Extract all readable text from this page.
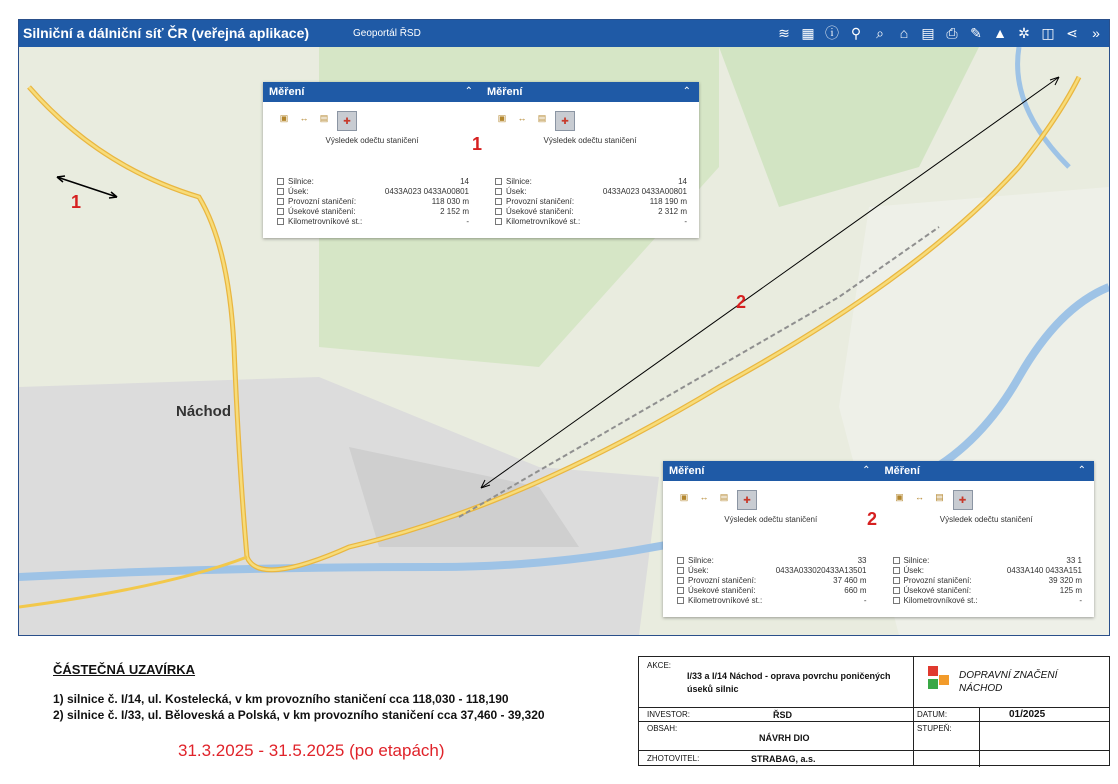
Silniční a dálniční síť ČR (veřejná aplikace)	Geoportál ŘSD	≋ ▦ ⓘ ⚲	⌕	⌂ ▤ ⎙ ✎ ▲ ✲ ◫ ⋖	»
Náchod
1
2
Měření	⌃ Měření	⌃
▣	↔	▤	✚
Výsledek odečtu staničení
Silnice:	14
Úsek:	0433A023 0433A00801
Provozní staničení:	118 030 m
Úsekové staničení:	2 152 m
Kilometrovníkové st.:	-
▣	↔	▤	✚
Výsledek odečtu staničení
Silnice:	14
Úsek:	0433A023 0433A00801
Provozní staničení:	118 190 m
Úsekové staničení:	2 312 m
Kilometrovníkové st.:	-
1
Měření	⌃ Měření	⌃
▣	↔	▤	✚
Výsledek odečtu staničení
Silnice:	33
Úsek:	0433A033020433A13501
Provozní staničení:	37 460 m
Úsekové staničení:	660 m
Kilometrovníkové st.:	-
▣	↔	▤	✚
Výsledek odečtu staničení
Silnice:	33 1
Úsek:	0433A140 0433A151
Provozní staničení:	39 320 m
Úsekové staničení:	125 m
Kilometrovníkové st.:	-
2
ČÁSTEČNÁ UZAVÍRKA
1) silnice č. I/14, ul. Kostelecká, v km provozního staničení cca 118,030 - 118,190
2) silnice č. I/33, ul. Běloveská a Polská, v km provozního staničení cca 37,460 - 39,320
31.3.2025 - 31.5.2025 (po etapách)
AKCE:
I/33 a I/14 Náchod - oprava povrchu poničených úseků silnic
DOPRAVNÍ ZNAČENÍ NÁCHOD
INVESTOR:	ŘSD	DATUM:	01/2025
OBSAH:
NÁVRH DIO
STUPEŇ:
ZHOTOVITEL:	STRABAG, a.s.
